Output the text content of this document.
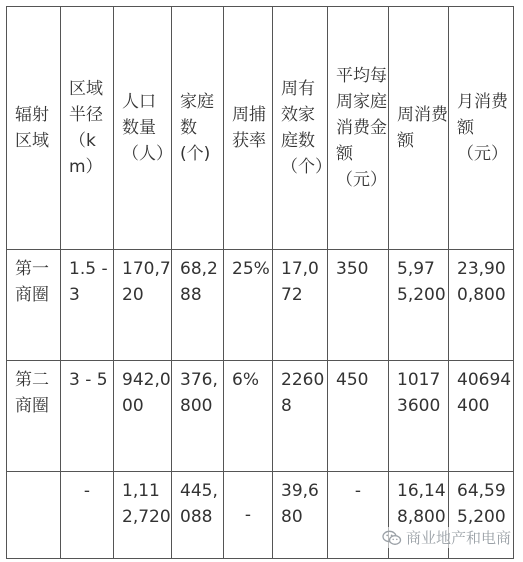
辐射区域	区域半径（km）	人口数量（人）	家庭数(个)	周捕获率	周有效家庭数（个）	平均每周家庭消费金额（元）	周消费额	月消费额（元）
第一商圈	1.5 - 3	170,720	68,288	25%	17,072	350	5,975,200	23,900,800
第二商圈	3 - 5	942,000	376,800	6%	22608	450	10173600	40694400
	-	1,112,720	445,088	-	39,680	-	16,148,800	64,595,200
商业地产和电商
